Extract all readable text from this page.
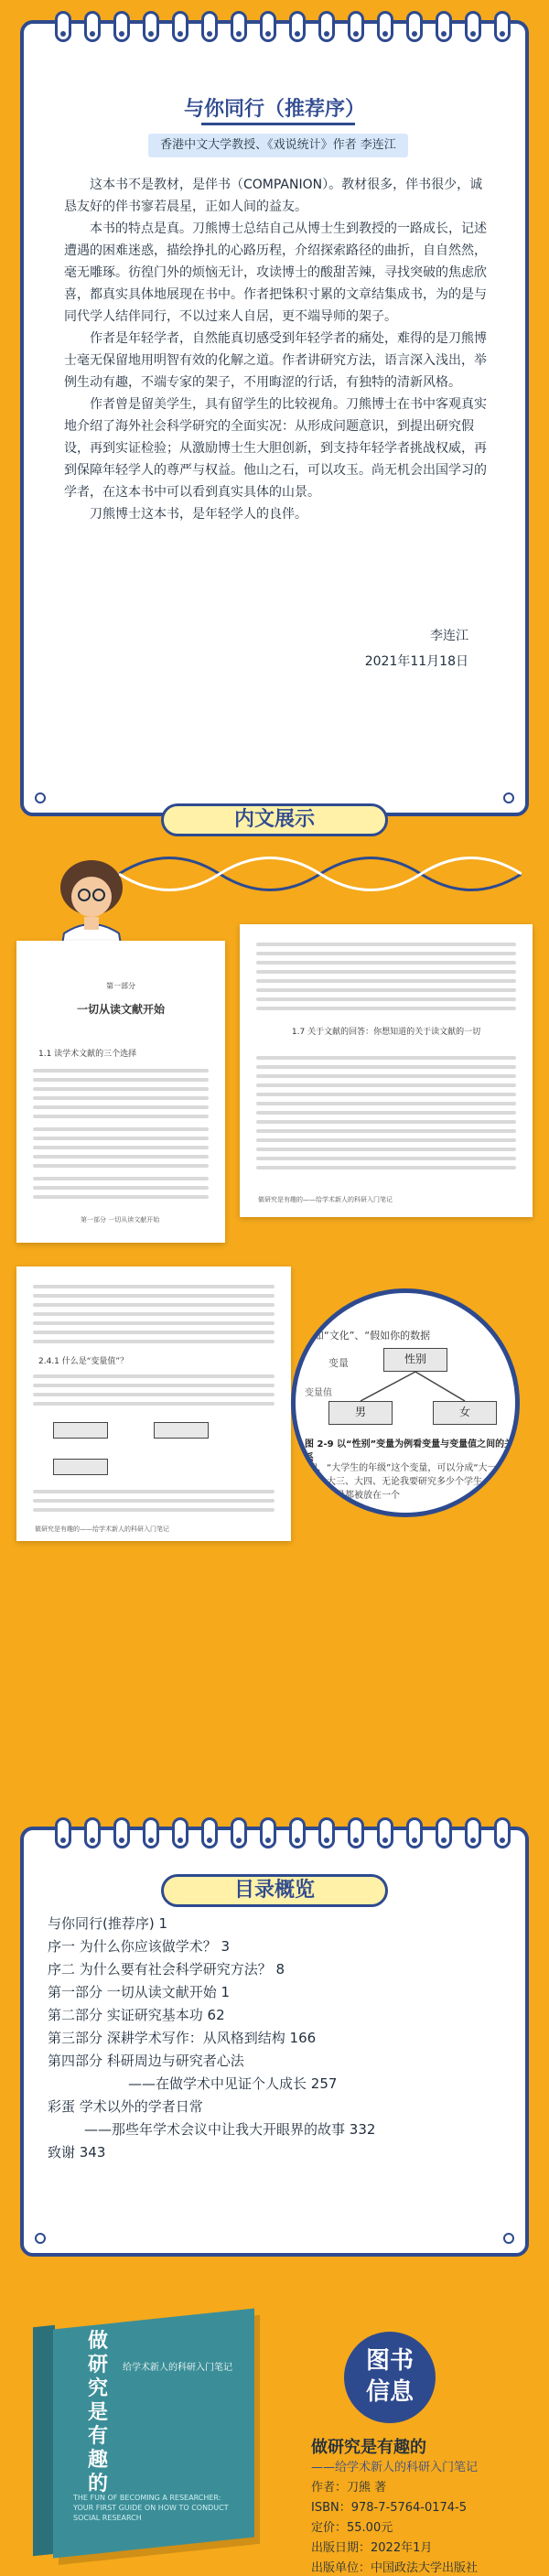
与你同行（推荐序）
香港中文大学教授、《戏说统计》作者 李连江

这本书不是教材，是伴书（COMPANION）。教材很多，伴书很少，诚恳友好的伴书寥若晨星，正如人间的益友。

本书的特点是真。刀熊博士总结自己从博士生到教授的一路成长，记述遭遇的困难迷惑，描绘挣扎的心路历程，介绍探索路径的曲折，自自然然，毫无雕琢。彷徨门外的烦恼无计，攻读博士的酸甜苦辣，寻找突破的焦虑欣喜，都真实具体地展现在书中。作者把铢积寸累的文章结集成书，为的是与同代学人结伴同行，不以过来人自居，更不端导师的架子。

作者是年轻学者，自然能真切感受到年轻学者的痛处，难得的是刀熊博士毫无保留地用明智有效的化解之道。作者讲研究方法，语言深入浅出，举例生动有趣，不端专家的架子，不用晦涩的行话，有独特的清新风格。

作者曾是留美学生，具有留学生的比较视角。刀熊博士在书中客观真实地介绍了海外社会科学研究的全面实况：从形成问题意识，到提出研究假设，再到实证检验；从激励博士生大胆创新，到支持年轻学者挑战权威，再到保障年轻学人的尊严与权益。他山之石，可以攻玉。尚无机会出国学习的学者，在这本书中可以看到真实具体的山景。

刀熊博士这本书，是年轻学人的良伴。

李连江
2021年11月18日
内文展示
第一部分
一切从读文献开始
1.1 读学术文献的三个选择
第一部分 一切从读文献开始
1.7 关于文献的回答：你想知道的关于读文献的一切
做研究是有趣的——给学术新人的科研入门笔记
2.4.1 什么是“变量值”？
做研究是有趣的——给学术新人的科研入门笔记
如“文化”、“假如你的数据
性别
变量
男	女
变量值
图 2-9 以“性别”变量为例看变量与变量值之间的关系
如，“大学生的年级”这个变量，可以分成“大一、大二、大三、大四、无论我要研究多少个学生，……这个变量都被放在一个
与你同行(推荐序) 1
序一 为什么你应该做学术？ 3
序二 为什么要有社会科学研究方法？ 8
第一部分 一切从读文献开始 1
第二部分 实证研究基本功 62
第三部分 深耕学术写作：从风格到结构 166
第四部分 科研周边与研究者心法
——在做学术中见证个人成长 257
彩蛋 学术以外的学者日常
——那些年学术会议中让我大开眼界的故事 332
致谢 343
目录概览
做研究是有趣的
给学术新人的科研入门笔记
THE FUN OF BECOMING A RESEARCHER: YOUR FIRST GUIDE ON HOW TO CONDUCT SOCIAL RESEARCH
图书
信息
做研究是有趣的
——给学术新人的科研入门笔记
作者：刀熊 著
ISBN：978-7-5764-0174-5
定价：55.00元
出版日期：2022年1月
出版单位：中国政法大学出版社
